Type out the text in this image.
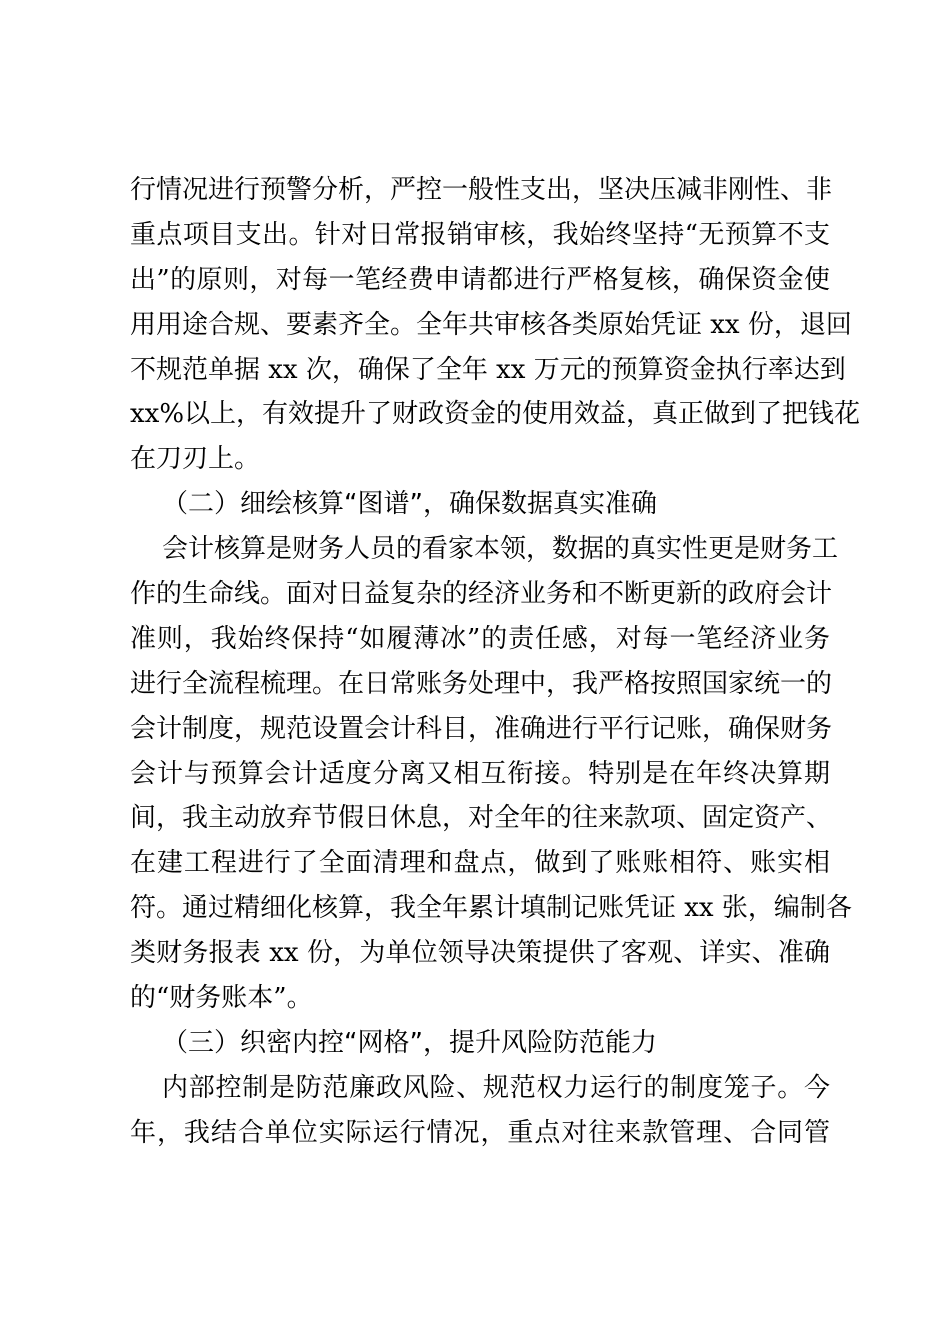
行情况进行预警分析，严控一般性支出，坚决压减非刚性、非
重点项目支出。针对日常报销审核，我始终坚持“无预算不支
出”的原则，对每一笔经费申请都进行严格复核，确保资金使
用用途合规、要素齐全。全年共审核各类原始凭证 xx 份，退回
不规范单据 xx 次，确保了全年 xx 万元的预算资金执行率达到
xx%以上，有效提升了财政资金的使用效益，真正做到了把钱花
在刀刃上。
（二）细绘核算“图谱”，确保数据真实准确
会计核算是财务人员的看家本领，数据的真实性更是财务工
作的生命线。面对日益复杂的经济业务和不断更新的政府会计
准则，我始终保持“如履薄冰”的责任感，对每一笔经济业务
进行全流程梳理。在日常账务处理中，我严格按照国家统一的
会计制度，规范设置会计科目，准确进行平行记账，确保财务
会计与预算会计适度分离又相互衔接。特别是在年终决算期
间，我主动放弃节假日休息，对全年的往来款项、固定资产、
在建工程进行了全面清理和盘点，做到了账账相符、账实相
符。通过精细化核算，我全年累计填制记账凭证 xx 张，编制各
类财务报表 xx 份，为单位领导决策提供了客观、详实、准确
的“财务账本”。
（三）织密内控“网格”，提升风险防范能力
内部控制是防范廉政风险、规范权力运行的制度笼子。今
年，我结合单位实际运行情况，重点对往来款管理、合同管
